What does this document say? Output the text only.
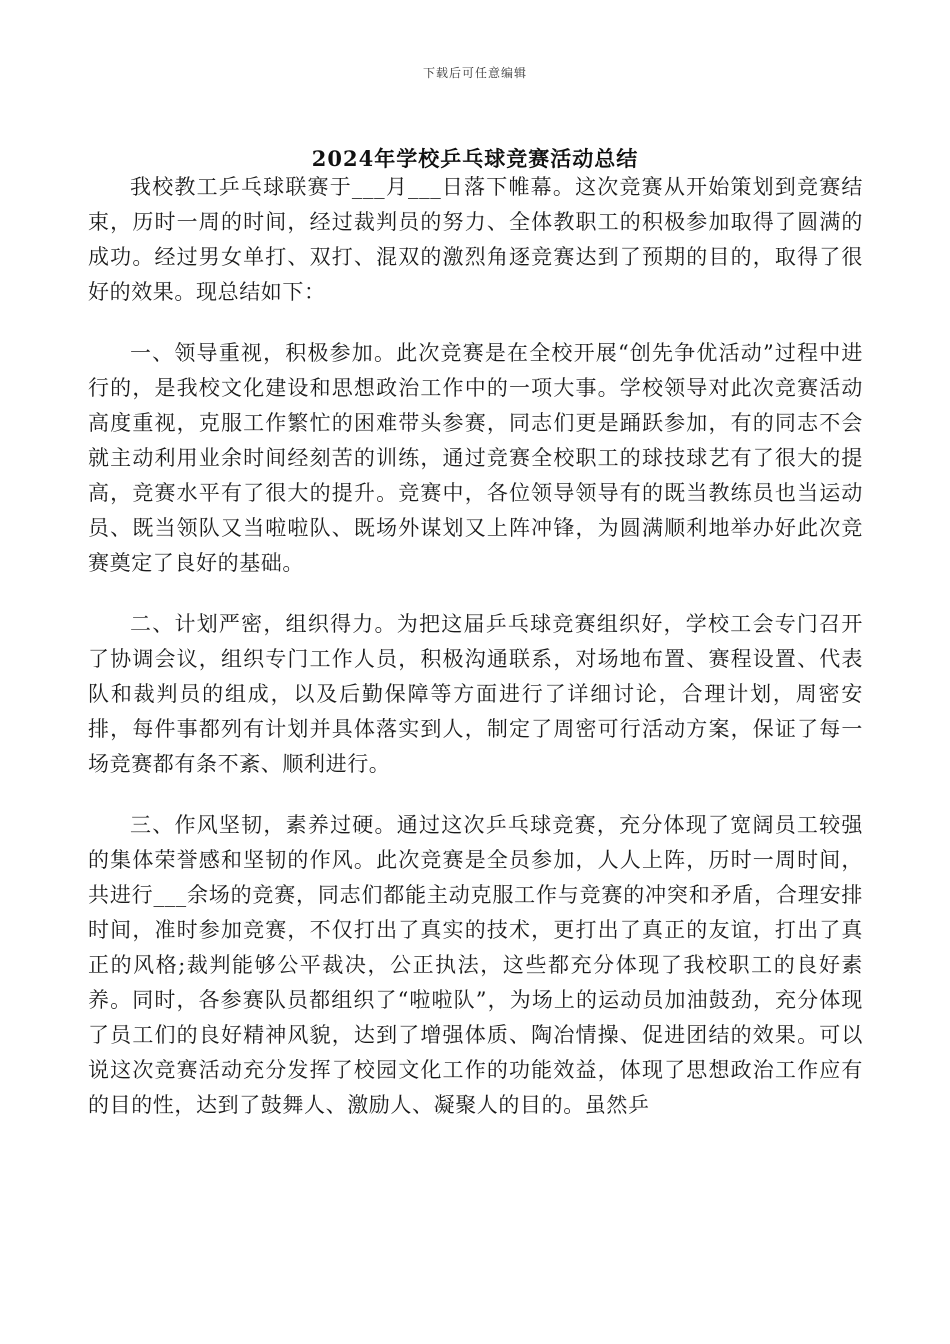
下载后可任意编辑
2024年学校乒乓球竞赛活动总结

我校教工乒乓球联赛于___月___日落下帷幕。这次竞赛从开始策划到竞赛结束，历时一周的时间，经过裁判员的努力、全体教职工的积极参加取得了圆满的成功。经过男女单打、双打、混双的激烈角逐竞赛达到了预期的目的，取得了很好的效果。现总结如下：

一、领导重视，积极参加。此次竞赛是在全校开展“创先争优活动”过程中进行的，是我校文化建设和思想政治工作中的一项大事。学校领导对此次竞赛活动高度重视，克服工作繁忙的困难带头参赛，同志们更是踊跃参加，有的同志不会就主动利用业余时间经刻苦的训练，通过竞赛全校职工的球技球艺有了很大的提高，竞赛水平有了很大的提升。竞赛中，各位领导领导有的既当教练员也当运动员、既当领队又当啦啦队、既场外谋划又上阵冲锋，为圆满顺利地举办好此次竞赛奠定了良好的基础。

二、计划严密，组织得力。为把这届乒乓球竞赛组织好，学校工会专门召开了协调会议，组织专门工作人员，积极沟通联系，对场地布置、赛程设置、代表队和裁判员的组成，以及后勤保障等方面进行了详细讨论，合理计划，周密安排，每件事都列有计划并具体落实到人，制定了周密可行活动方案，保证了每一场竞赛都有条不紊、顺利进行。

三、作风坚韧，素养过硬。通过这次乒乓球竞赛，充分体现了宽阔员工较强的集体荣誉感和坚韧的作风。此次竞赛是全员参加，人人上阵，历时一周时间，共进行___余场的竞赛，同志们都能主动克服工作与竞赛的冲突和矛盾，合理安排时间，准时参加竞赛，不仅打出了真实的技术，更打出了真正的友谊，打出了真正的风格;裁判能够公平裁决，公正执法，这些都充分体现了我校职工的良好素养。同时，各参赛队员都组织了“啦啦队”，为场上的运动员加油鼓劲，充分体现了员工们的良好精神风貌，达到了增强体质、陶冶情操、促进团结的效果。可以说这次竞赛活动充分发挥了校园文化工作的功能效益，体现了思想政治工作应有的目的性，达到了鼓舞人、激励人、凝聚人的目的。虽然乒
